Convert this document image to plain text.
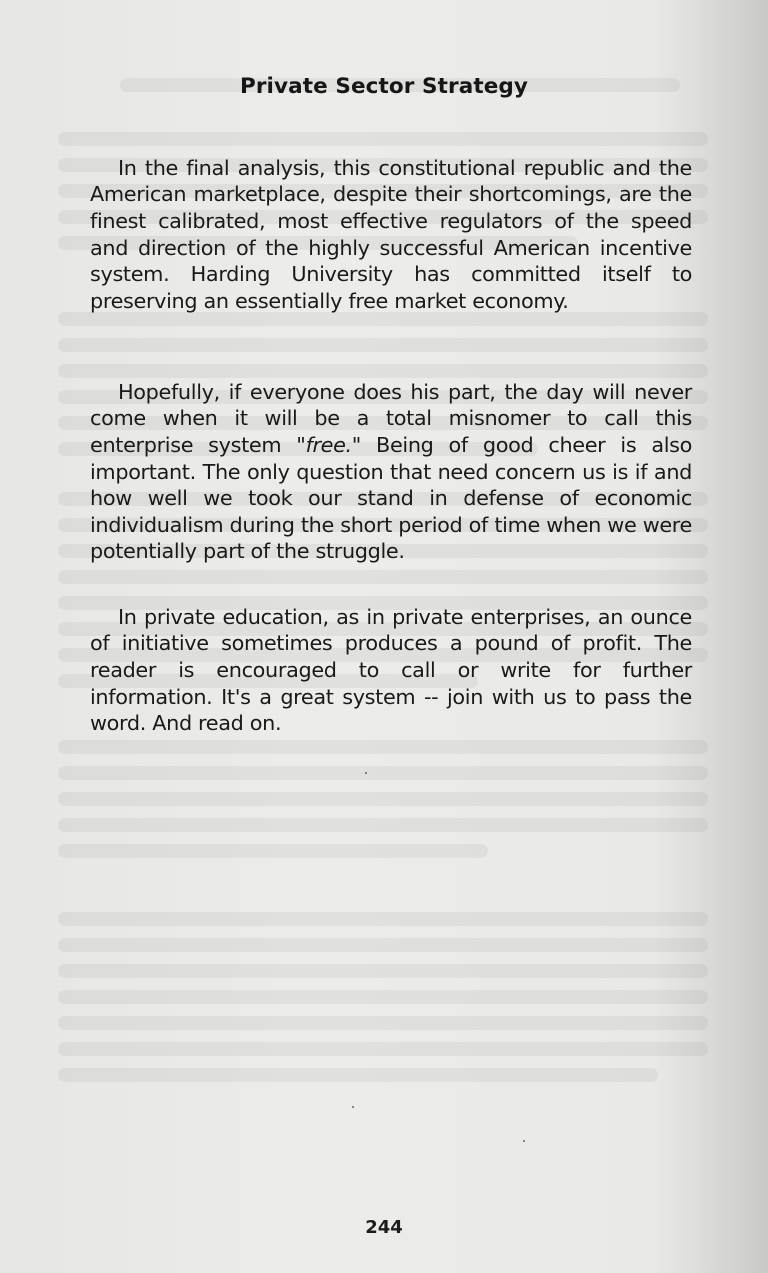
Private Sector Strategy

In the final analysis, this constitutional republic and the American marketplace, despite their shortcomings, are the finest calibrated, most effective regulators of the speed and direction of the highly successful American incentive system. Harding University has committed itself to preserving an essentially free market economy.

Hopefully, if everyone does his part, the day will never come when it will be a total misnomer to call this enterprise system "free." Being of good cheer is also important. The only question that need concern us is if and how well we took our stand in defense of economic individualism during the short period of time when we were potentially part of the struggle.

In private education, as in private enterprises, an ounce of initiative sometimes produces a pound of profit. The reader is encouraged to call or write for further information. It's a great system -- join with us to pass the word. And read on.

244
